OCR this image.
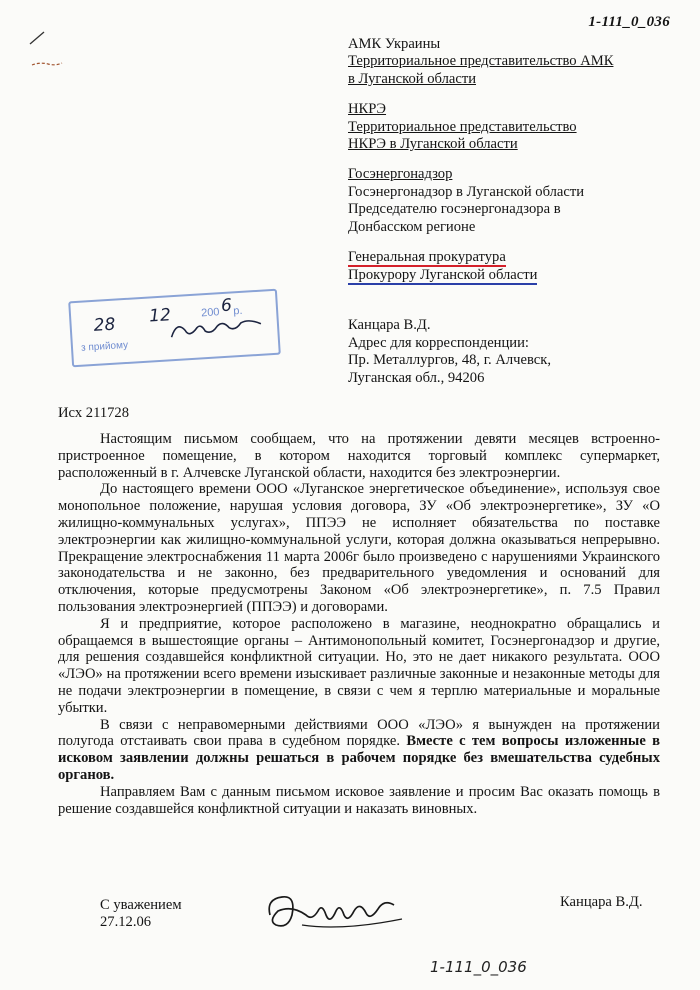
1-111_0_036
АМК Украины
Территориальное представительство АМК
в Луганской области
НКРЭ
Территориальное представительство
НКРЭ в Луганской области
Госэнергонадзор
Госэнергонадзор в Луганской области
Председателю госэнергонадзора в
Донбасском регионе
Генеральная прокуратура
Прокурору Луганской области
2006 р.
28 12
з прийому
Канцара В.Д.
Адрес для корреспонденции:
Пр. Металлургов, 48, г. Алчевск,
Луганская обл., 94206
Исх 211728

Настоящим письмом сообщаем, что на протяжении девяти месяцев встроенно-пристроенное помещение, в котором находится торговый комплекс супермаркет, расположенный в г. Алчевске Луганской области, находится без электроэнергии.

До настоящего времени ООО «Луганское энергетическое объединение», используя свое монопольное положение, нарушая условия договора, ЗУ «Об электроэнергетике», ЗУ «О жилищно-коммунальных услугах», ППЭЭ не исполняет обязательства по поставке электроэнергии как жилищно-коммунальной услуги, которая должна оказываться непрерывно. Прекращение электроснабжения 11 марта 2006г было произведено с нарушениями Украинского законодательства и не законно, без предварительного уведомления и оснований для отключения, которые предусмотрены Законом «Об электроэнергетике», п. 7.5 Правил пользования электроэнергией (ППЭЭ) и договорами.

Я и предприятие, которое расположено в магазине, неоднократно обращались и обращаемся в вышестоящие органы – Антимонопольный комитет, Госэнергонадзор и другие, для решения создавшейся конфликтной ситуации. Но, это не дает никакого результата. ООО «ЛЭО» на протяжении всего времени изыскивает различные законные и незаконные методы для не подачи электроэнергии в помещение, в связи с чем я терплю материальные и моральные убытки.

В связи с неправомерными действиями ООО «ЛЭО» я вынужден на протяжении полугода отстаивать свои права в судебном порядке. Вместе с тем вопросы изложенные в исковом заявлении должны решаться в рабочем порядке без вмешательства судебных органов.

Направляем Вам с данным письмом исковое заявление и просим Вас оказать помощь в решение создавшейся конфликтной ситуации и наказать виновных.

С уважением
27.12.06
Канцара В.Д.
1-111_0_036
